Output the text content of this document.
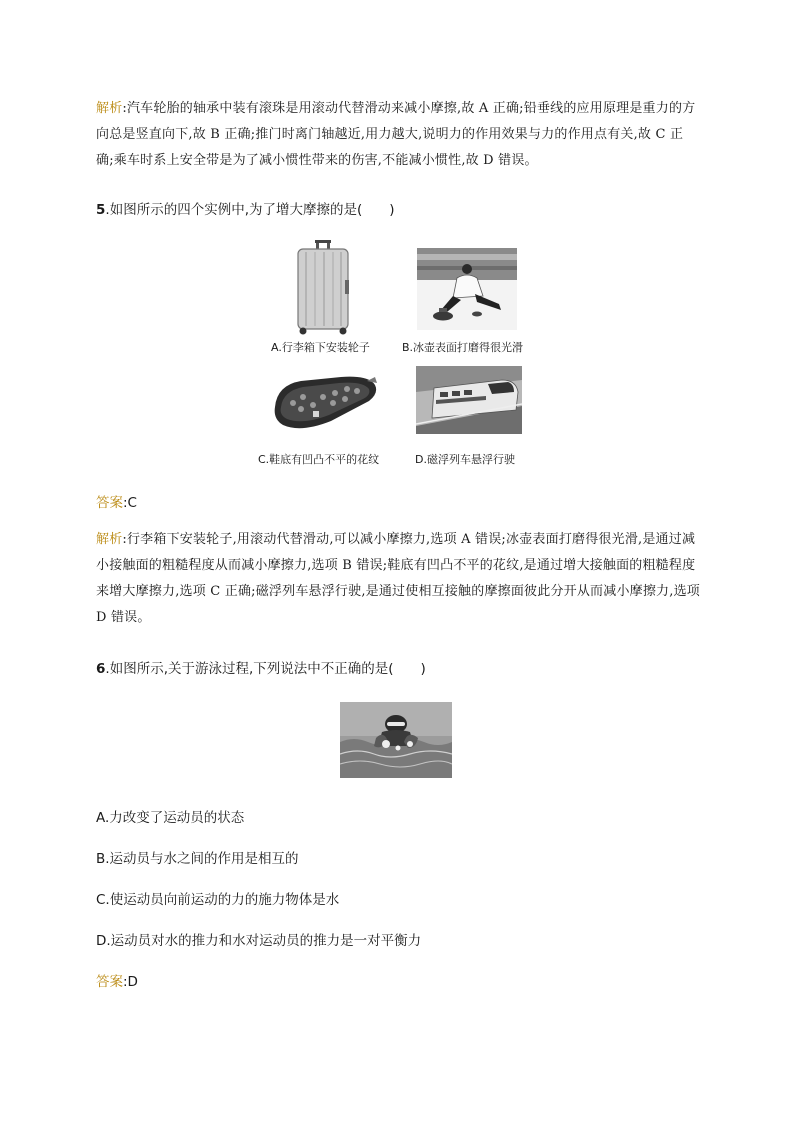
解析:汽车轮胎的轴承中装有滚珠是用滚动代替滑动来减小摩擦,故 A 正确;铅垂线的应用原理是重力的方向总是竖直向下,故 B 正确;推门时离门轴越近,用力越大,说明力的作用效果与力的作用点有关,故 C 正确;乘车时系上安全带是为了减小惯性带来的伤害,不能减小惯性,故 D 错误。
5.如图所示的四个实例中,为了增大摩擦的是(　　)
A.行李箱下安装轮子	B.冰壶表面打磨得很光滑
C.鞋底有凹凸不平的花纹	D.磁浮列车悬浮行驶
答案:C
解析:行李箱下安装轮子,用滚动代替滑动,可以减小摩擦力,选项 A 错误;冰壶表面打磨得很光滑,是通过减小接触面的粗糙程度从而减小摩擦力,选项 B 错误;鞋底有凹凸不平的花纹,是通过增大接触面的粗糙程度来增大摩擦力,选项 C 正确;磁浮列车悬浮行驶,是通过使相互接触的摩擦面彼此分开从而减小摩擦力,选项 D 错误。
6.如图所示,关于游泳过程,下列说法中不正确的是(　　)
A.力改变了运动员的状态
B.运动员与水之间的作用是相互的
C.使运动员向前运动的力的施力物体是水
D.运动员对水的推力和水对运动员的推力是一对平衡力
答案:D
